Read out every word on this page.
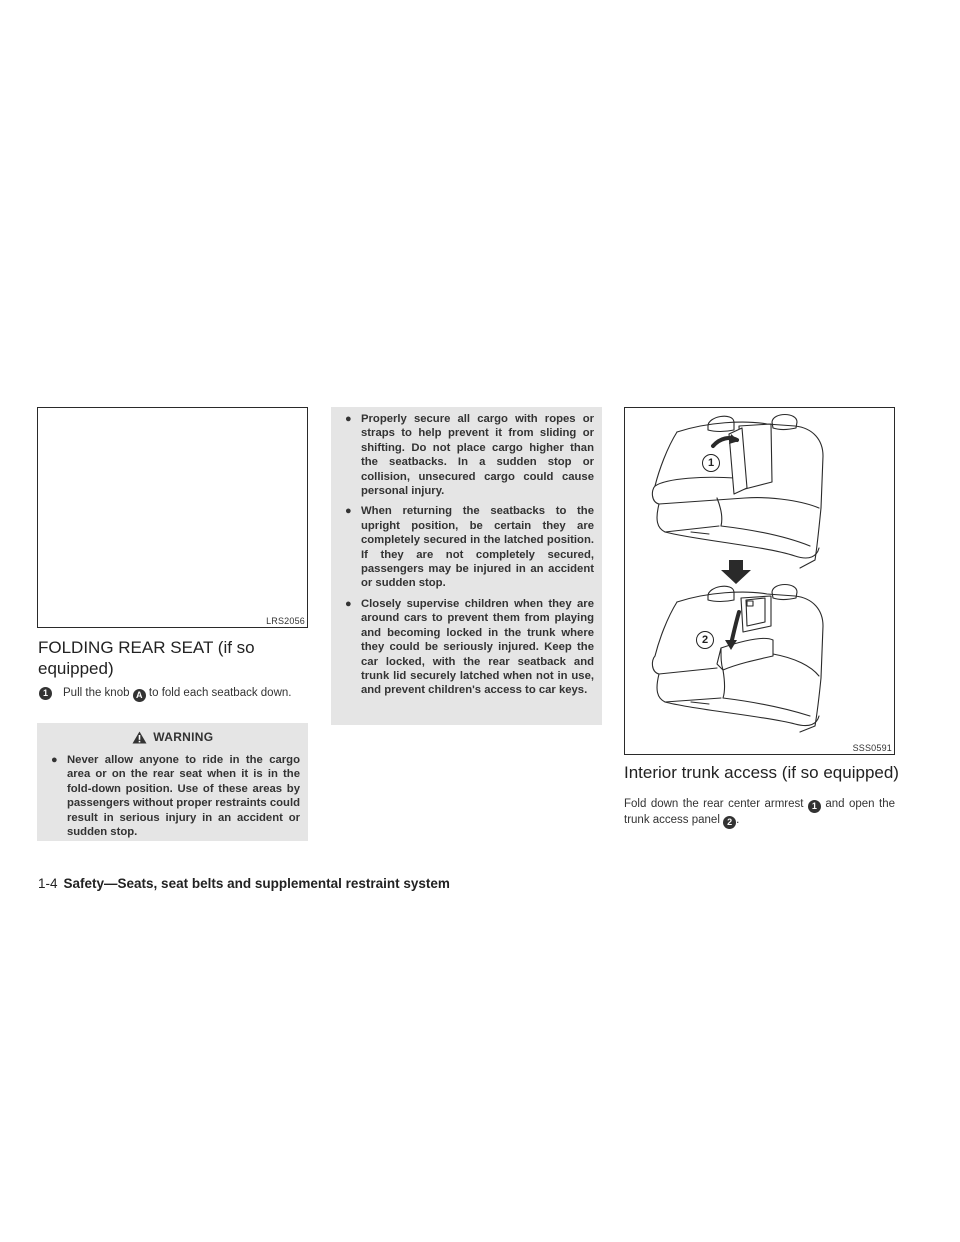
LRS2056
FOLDING REAR SEAT (if so equipped)
1	Pull the knob A to fold each seatback down.
WARNING
● Never allow anyone to ride in the cargo area or on the rear seat when it is in the fold-down position. Use of these areas by passengers without proper restraints could result in serious injury in an accident or sudden stop.
● Properly secure all cargo with ropes or straps to help prevent it from sliding or shifting. Do not place cargo higher than the seatbacks. In a sudden stop or collision, unsecured cargo could cause personal injury.
● When returning the seatbacks to the upright position, be certain they are completely secured in the latched position. If they are not completely secured, passengers may be injured in an accident or sudden stop.
● Closely supervise children when they are around cars to prevent them from playing and becoming locked in the trunk where they could be seriously injured. Keep the car locked, with the rear seatback and trunk lid securely latched when not in use, and prevent children's access to car keys.
1
2
SSS0591
Interior trunk access (if so equipped)
Fold down the rear center armrest 1 and open the trunk access panel 2 .
1-4 Safety—Seats, seat belts and supplemental restraint system
